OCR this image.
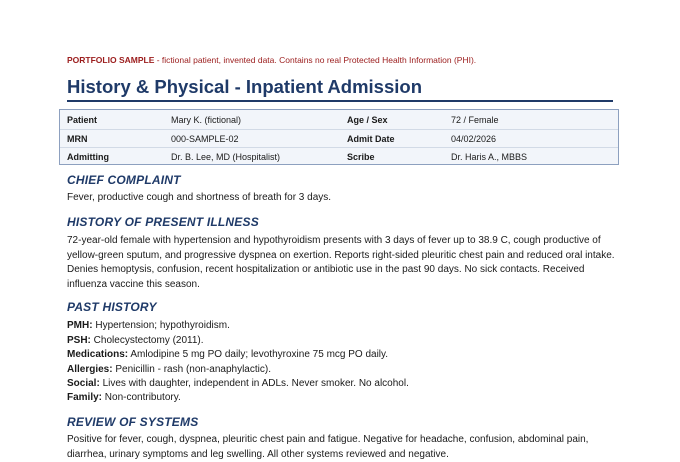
PORTFOLIO SAMPLE - fictional patient, invented data. Contains no real Protected Health Information (PHI).
History & Physical - Inpatient Admission
Patient	Mary K. (fictional)	Age / Sex	72 / Female
MRN	000-SAMPLE-02	Admit Date	04/02/2026
Admitting	Dr. B. Lee, MD (Hospitalist)	Scribe	Dr. Haris A., MBBS
CHIEF COMPLAINT
Fever, productive cough and shortness of breath for 3 days.
HISTORY OF PRESENT ILLNESS
72-year-old female with hypertension and hypothyroidism presents with 3 days of fever up to 38.9 C, cough productive of yellow-green sputum, and progressive dyspnea on exertion. Reports right-sided pleuritic chest pain and reduced oral intake. Denies hemoptysis, confusion, recent hospitalization or antibiotic use in the past 90 days. No sick contacts. Received influenza vaccine this season.
PAST HISTORY
PMH: Hypertension; hypothyroidism.
PSH: Cholecystectomy (2011).
Medications: Amlodipine 5 mg PO daily; levothyroxine 75 mcg PO daily.
Allergies: Penicillin - rash (non-anaphylactic).
Social: Lives with daughter, independent in ADLs. Never smoker. No alcohol.
Family: Non-contributory.
REVIEW OF SYSTEMS
Positive for fever, cough, dyspnea, pleuritic chest pain and fatigue. Negative for headache, confusion, abdominal pain, diarrhea, urinary symptoms and leg swelling. All other systems reviewed and negative.
